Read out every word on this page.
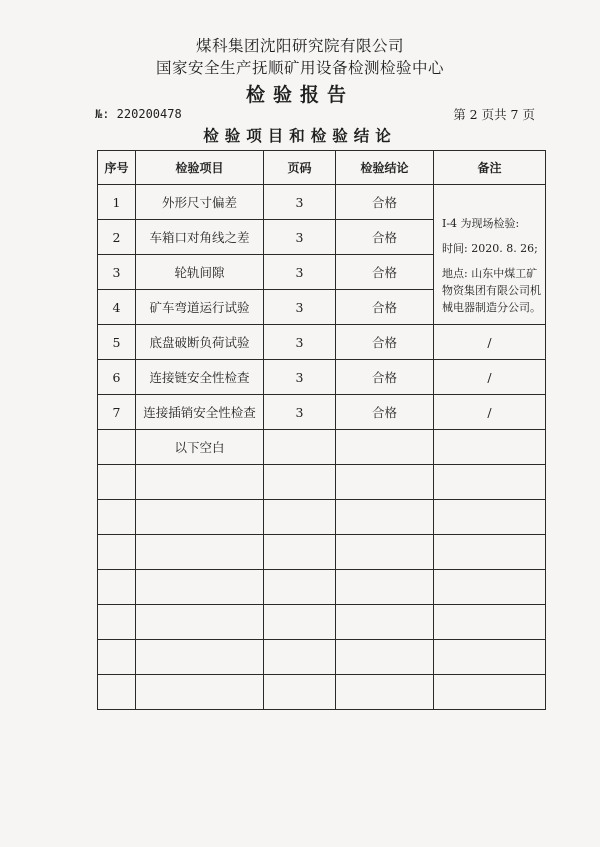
煤科集团沈阳研究院有限公司
国家安全生产抚顺矿用设备检测检验中心
检验报告
№: 220200478	第 2 页共 7 页
检验项目和检验结论
序号	检验项目	页码	检验结论	备注
1	外形尺寸偏差	3	合格	Ⅰ-4 为现场检验:
时间: 2020. 8. 26;
地点: 山东中煤工矿物资集团有限公司机械电器制造分公司。

2	车箱口对角线之差	3	合格	
3	轮轨间隙	3	合格	
4	矿车弯道运行试验	3	合格	
5	底盘破断负荷试验	3	合格	/
6	连接链安全性检查	3	合格	/
7	连接插销安全性检查	3	合格	/
	以下空白			
